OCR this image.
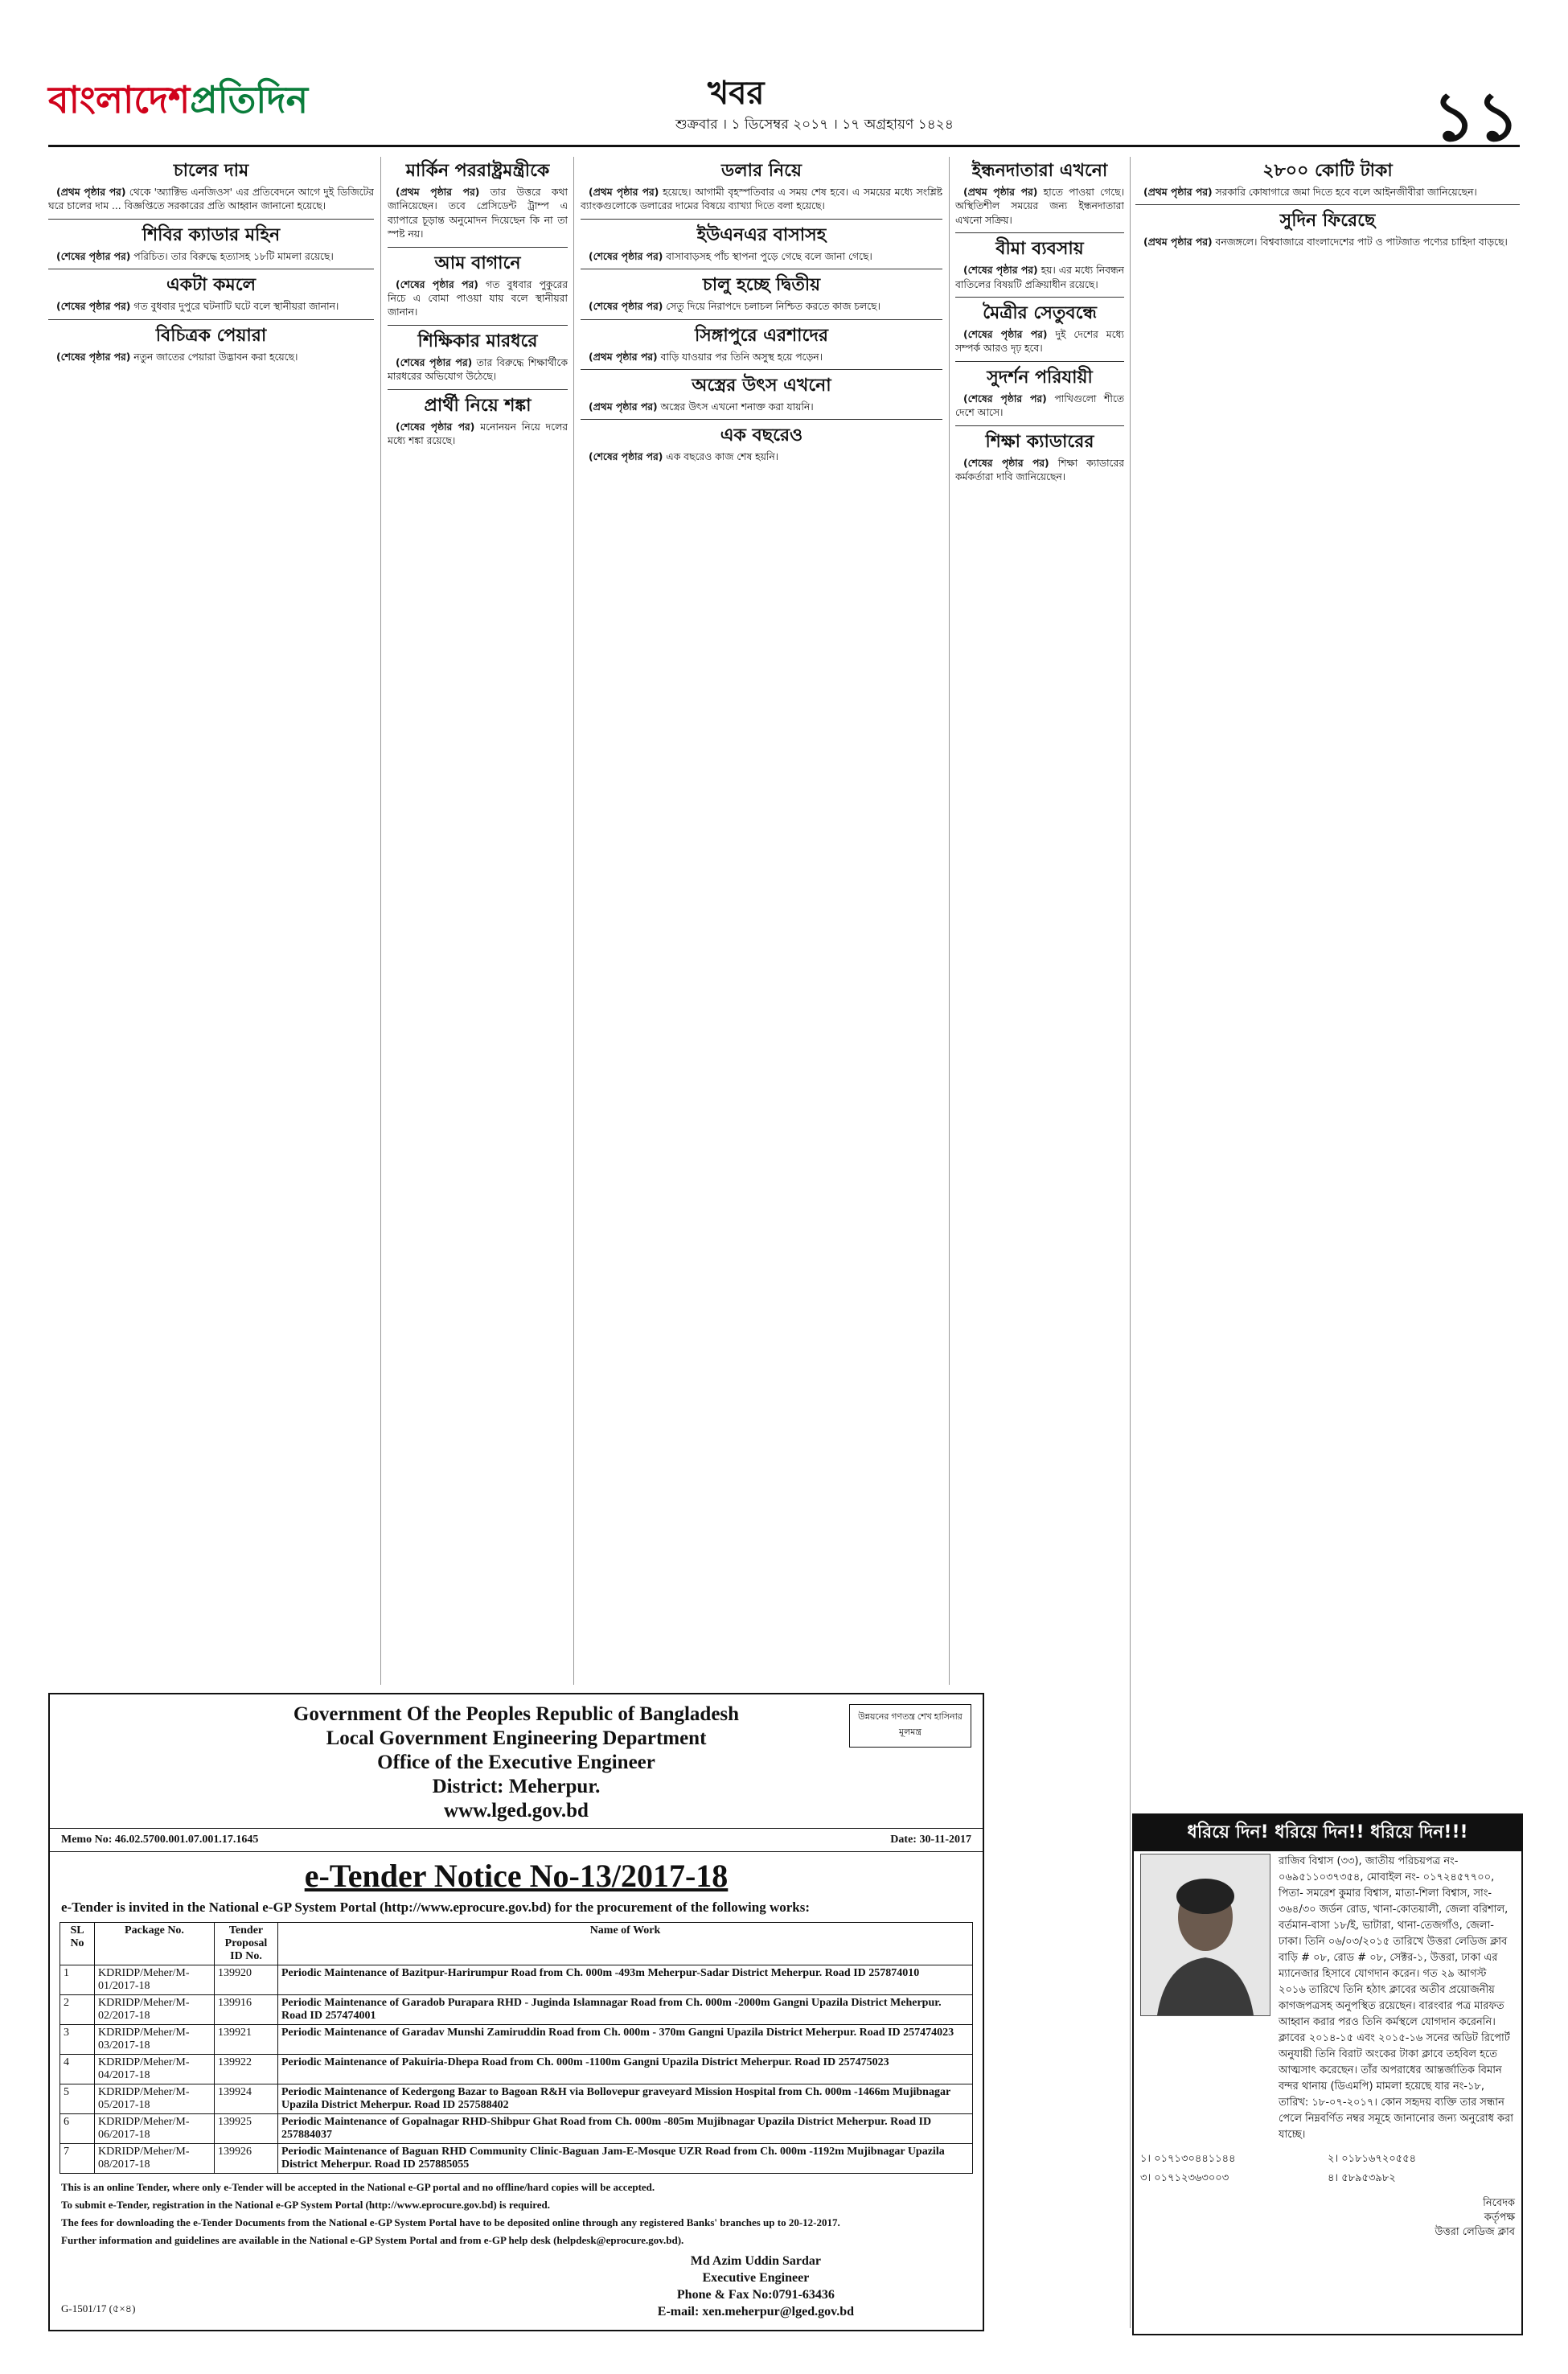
বাংলাদেশপ্রতিদিন	খবর
শুক্রবার । ১ ডিসেম্বর ২০১৭ । ১৭ অগ্রহায়ণ ১৪২৪	১১
চালের দাম

(প্রথম পৃষ্ঠার পর) থেকে 'অ্যাক্টিভ এনজিওস' এর প্রতিবেদনে আগে দুই ডিজিটের ঘরে চালের দাম ... বিজ্ঞপ্তিতে সরকারের প্রতি আহ্বান জানানো হয়েছে।

শিবির ক্যাডার মহিন

(শেষের পৃষ্ঠার পর) পরিচিত। তার বিরুদ্ধে হত্যাসহ ১৮টি মামলা রয়েছে।

একটা কমলে

(শেষের পৃষ্ঠার পর) গত বুধবার দুপুরে ঘটনাটি ঘটে বলে স্থানীয়রা জানান।

বিচিত্রক পেয়ারা

(শেষের পৃষ্ঠার পর) নতুন জাতের পেয়ারা উদ্ভাবন করা হয়েছে।

মার্কিন পররাষ্ট্রমন্ত্রীকে

(প্রথম পৃষ্ঠার পর) তার উত্তরে কথা জানিয়েছেন। তবে প্রেসিডেন্ট ট্রাম্প এ ব্যাপারে চূড়ান্ত অনুমোদন দিয়েছেন কি না তা স্পষ্ট নয়।

আম বাগানে

(শেষের পৃষ্ঠার পর) গত বুধবার পুকুরের নিচে এ বোমা পাওয়া যায় বলে স্থানীয়রা জানান।

শিক্ষিকার মারধরে

(শেষের পৃষ্ঠার পর) তার বিরুদ্ধে শিক্ষার্থীকে মারধরের অভিযোগ উঠেছে।

প্রার্থী নিয়ে শঙ্কা

(শেষের পৃষ্ঠার পর) মনোনয়ন নিয়ে দলের মধ্যে শঙ্কা রয়েছে।

ডলার নিয়ে

(প্রথম পৃষ্ঠার পর) হয়েছে। আগামী বৃহস্পতিবার এ সময় শেষ হবে। এ সময়ের মধ্যে সংশ্লিষ্ট ব্যাংকগুলোকে ডলারের দামের বিষয়ে ব্যাখ্যা দিতে বলা হয়েছে।

ইউএনএর বাসাসহ

(শেষের পৃষ্ঠার পর) বাসাবাড়সহ পাঁচ স্থাপনা পুড়ে গেছে বলে জানা গেছে।

চালু হচ্ছে দ্বিতীয়

(শেষের পৃষ্ঠার পর) সেতু দিয়ে নিরাপদে চলাচল নিশ্চিত করতে কাজ চলছে।

সিঙ্গাপুরে এরশাদের

(প্রথম পৃষ্ঠার পর) বাড়ি যাওয়ার পর তিনি অসুস্থ হয়ে পড়েন।

অস্ত্রের উৎস এখনো

(প্রথম পৃষ্ঠার পর) অস্ত্রের উৎস এখনো শনাক্ত করা যায়নি।

এক বছরেও

(শেষের পৃষ্ঠার পর) এক বছরেও কাজ শেষ হয়নি।

ইন্ধনদাতারা এখনো

(প্রথম পৃষ্ঠার পর) হাতে পাওয়া গেছে। অস্থিতিশীল সময়ের জন্য ইন্ধনদাতারা এখনো সক্রিয়।

বীমা ব্যবসায়

(শেষের পৃষ্ঠার পর) হয়। এর মধ্যে নিবন্ধন বাতিলের বিষয়টি প্রক্রিয়াধীন রয়েছে।

মৈত্রীর সেতুবন্ধে

(শেষের পৃষ্ঠার পর) দুই দেশের মধ্যে সম্পর্ক আরও দৃঢ় হবে।

সুদর্শন পরিযায়ী

(শেষের পৃষ্ঠার পর) পাখিগুলো শীতে দেশে আসে।

শিক্ষা ক্যাডারের

(শেষের পৃষ্ঠার পর) শিক্ষা ক্যাডারের কর্মকর্তারা দাবি জানিয়েছেন।

২৮০০ কোটি টাকা

(প্রথম পৃষ্ঠার পর) সরকারি কোষাগারে জমা দিতে হবে বলে আইনজীবীরা জানিয়েছেন।

সুদিন ফিরেছে

(প্রথম পৃষ্ঠার পর) বনজঙ্গলে। বিশ্ববাজারে বাংলাদেশের পাট ও পাটজাত পণ্যের চাহিদা বাড়ছে।

উন্নয়নের গণতন্ত্র শেখ হাসিনার মূলমন্ত্র
Government Of the Peoples Republic of Bangladesh
Local Government Engineering Department
Office of the Executive Engineer
District: Meherpur.
www.lged.gov.bd
Memo No: 46.02.5700.001.07.001.17.1645	Date: 30-11-2017
e-Tender Notice No-13/2017-18
e-Tender is invited in the National e-GP System Portal (http://www.eprocure.gov.bd) for the procurement of the following works:
SL No	Package No.	Tender Proposal ID No.	Name of Work
1	KDRIDP/Meher/M-01/2017-18	139920	Periodic Maintenance of Bazitpur-Harirumpur Road from Ch. 000m -493m Meherpur-Sadar District Meherpur. Road ID 257874010
2	KDRIDP/Meher/M-02/2017-18	139916	Periodic Maintenance of Garadob Purapara RHD - Juginda Islamnagar Road from Ch. 000m -2000m Gangni Upazila District Meherpur. Road ID 257474001
3	KDRIDP/Meher/M-03/2017-18	139921	Periodic Maintenance of Garadav Munshi Zamiruddin Road from Ch. 000m - 370m Gangni Upazila District Meherpur. Road ID 257474023
4	KDRIDP/Meher/M-04/2017-18	139922	Periodic Maintenance of Pakuiria-Dhepa Road from Ch. 000m -1100m Gangni Upazila District Meherpur. Road ID 257475023
5	KDRIDP/Meher/M-05/2017-18	139924	Periodic Maintenance of Kedergong Bazar to Bagoan R&H via Bollovepur graveyard Mission Hospital from Ch. 000m -1466m Mujibnagar Upazila District Meherpur. Road ID 257588402
6	KDRIDP/Meher/M-06/2017-18	139925	Periodic Maintenance of Gopalnagar RHD-Shibpur Ghat Road from Ch. 000m -805m Mujibnagar Upazila District Meherpur. Road ID 257884037
7	KDRIDP/Meher/M-08/2017-18	139926	Periodic Maintenance of Baguan RHD Community Clinic-Baguan Jam-E-Mosque UZR Road from Ch. 000m -1192m Mujibnagar Upazila District Meherpur. Road ID 257885055
This is an online Tender, where only e-Tender will be accepted in the National e-GP portal and no offline/hard copies will be accepted.
To submit e-Tender, registration in the National e-GP System Portal (http://www.eprocure.gov.bd) is required.
The fees for downloading the e-Tender Documents from the National e-GP System Portal have to be deposited online through any registered Banks' branches up to 20-12-2017.
Further information and guidelines are available in the National e-GP System Portal and from e-GP help desk (helpdesk@eprocure.gov.bd).
Md Azim Uddin Sardar
Executive Engineer
Phone & Fax No:0791-63436
E-mail: xen.meherpur@lged.gov.bd
G-1501/17 (৫×৪)
ধরিয়ে দিন! ধরিয়ে দিন!! ধরিয়ে দিন!!!
রাজিব বিশ্বাস (৩৩), জাতীয় পরিচয়পত্র নং- ০৬৯৫১১০৩৭৩৫৪, মোবাইল নং- ০১৭২৪৫৭৭০০, পিতা- সমরেশ কুমার বিশ্বাস, মাতা-শিলা বিশ্বাস, সাং- ৩৬৪/৩০ জর্ডন রোড, খানা-কোতয়ালী, জেলা বরিশাল, বর্তমান-বাসা ১৮/ই, ভাটারা, থানা-তেজগাঁও, জেলা-ঢাকা। তিনি ০৬/০৩/২০১৫ তারিখে উত্তরা লেডিজ ক্লাব বাড়ি # ০৮, রোড # ০৮, সেক্টর-১, উত্তরা, ঢাকা এর ম্যানেজার হিসাবে যোগদান করেন। গত ২৯ আগস্ট ২০১৬ তারিখে তিনি হঠাৎ ক্লাবের অতীব প্রয়োজনীয় কাগজপত্রসহ অনুপস্থিত রয়েছেন। বারংবার পত্র মারফত আহ্বান করার পরও তিনি কর্মস্থলে যোগদান করেননি। ক্লাবের ২০১৪-১৫ এবং ২০১৫-১৬ সনের অডিট রিপোর্ট অনুযায়ী তিনি বিরাট অংকের টাকা ক্লাবে তহবিল হতে আত্মসাৎ করেছেন। তাঁর অপরাধের আন্তর্জাতিক বিমান বন্দর থানায় (ডিএমপি) মামলা হয়েছে যার নং-১৮, তারিখ: ১৮-০৭-২০১৭। কোন সহৃদয় ব্যক্তি তার সন্ধান পেলে নিম্নবর্ণিত নম্বর সমূহে জানানোর জন্য অনুরোধ করা যাচ্ছে।
১। ০১৭১৩০৪৪১১৪৪	২। ০১৮১৬৭২০৫৫৪
৩। ০১৭১২৩৬৩০০৩	৪। ৫৮৯৫৩৯৮২
নিবেদক
কর্তৃপক্ষ
উত্তরা লেডিজ ক্লাব
